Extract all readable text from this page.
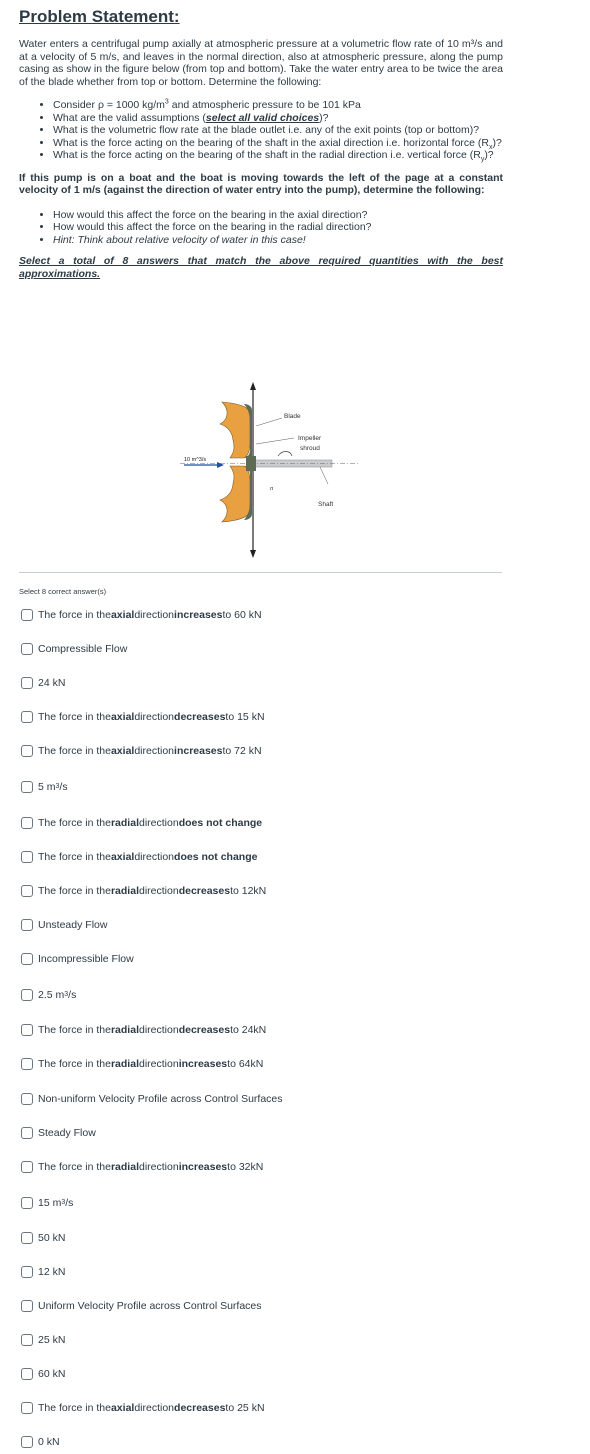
Problem Statement:

Water enters a centrifugal pump axially at atmospheric pressure at a volumetric flow rate of 10 m³/s and at a velocity of 5 m/s, and leaves in the normal direction, also at atmospheric pressure, along the pump casing as show in the figure below (from top and bottom). Take the water entry area to be twice the area of the blade whether from top or bottom. Determine the following:

• Consider ρ = 1000 $kg/m^3$ and atmospheric pressure to be 101 kPa
• What are the valid assumptions (select all valid choices)?
• What is the volumetric flow rate at the blade outlet i.e. any of the exit points (top or bottom)?
• What is the force acting on the bearing of the shaft in the axial direction i.e. horizontal force $(R_x)$?
• What is the force acting on the bearing of the shaft in the radial direction i.e. vertical force $(R_y)$?

If this pump is on a boat and the boat is moving towards the left of the page at a constant velocity of 1 m/s (against the direction of water entry into the pump), determine the following:

• How would this affect the force on the bearing in the axial direction?
• How would this affect the force on the bearing in the radial direction?
• Hint: Think about relative velocity of water in this case!
Select a total of 8 answers that match the above required quantities with the best approximations.
10 m^3/s
Blade
Impeller
shroud
Shaft
n
Select 8 correct answer(s)
The force in the axial direction increases to 60 kN
Compressible Flow
24 kN
The force in the axial direction decreases to 15 kN
The force in the axial direction increases to 72 kN
5 m 3 /s
The force in the radial direction does not change
The force in the axial direction does not change
The force in the radial direction decreases to 12kN
Unsteady Flow
Incompressible Flow
2.5 m 3 /s
The force in the radial direction decreases to 24kN
The force in the radial direction increases to 64kN
Non-uniform Velocity Profile across Control Surfaces
Steady Flow
The force in the radial direction increases to 32kN
15 m 3 /s
50 kN
12 kN
Uniform Velocity Profile across Control Surfaces
25 kN
60 kN
The force in the axial direction decreases to 25 kN
0 kN
